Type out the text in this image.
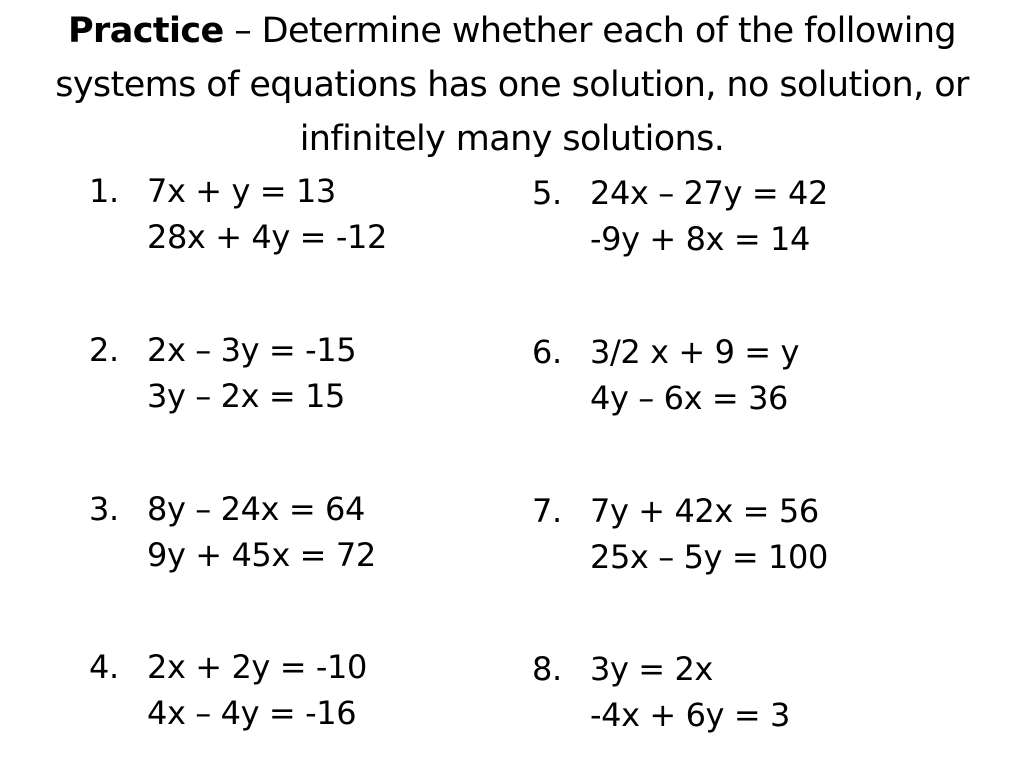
Practice – Determine whether each of the following
systems of equations has one solution, no solution, or
infinitely many solutions.
1. 7x + y = 13
28x + 4y = -12
2. 2x – 3y = -15
3y – 2x = 15
3. 8y – 24x = 64
9y + 45x = 72
4. 2x + 2y = -10
4x – 4y = -16
5. 24x – 27y = 42
-9y + 8x = 14
6. 3/2 x + 9 = y
4y – 6x = 36
7. 7y + 42x = 56
25x – 5y = 100
8. 3y = 2x
-4x + 6y = 3
